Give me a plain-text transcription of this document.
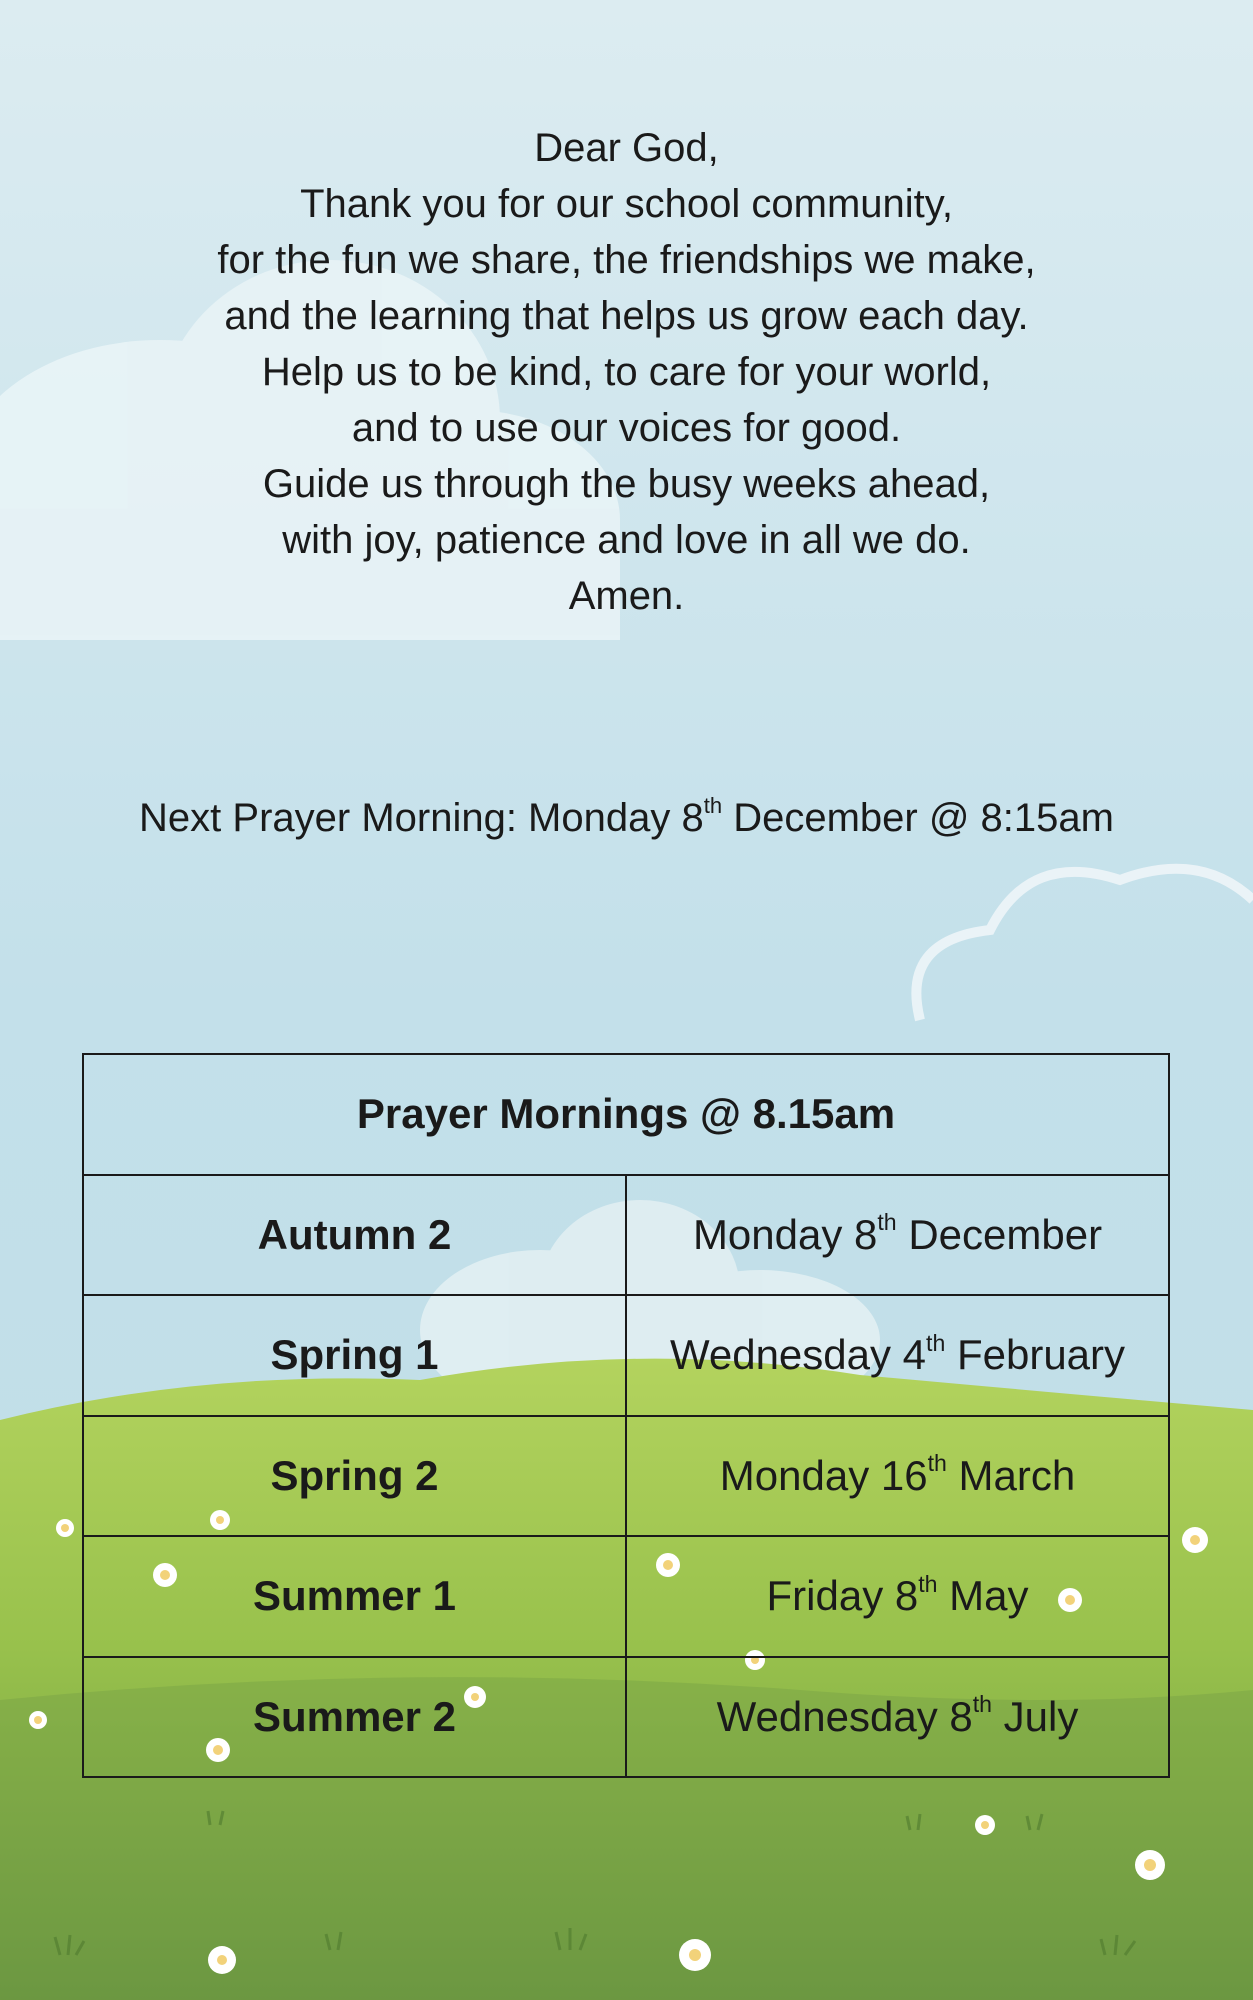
Dear God,
Thank you for our school community,
for the fun we share, the friendships we make,
and the learning that helps us grow each day.
Help us to be kind, to care for your world,
and to use our voices for good.
Guide us through the busy weeks ahead,
with joy, patience and love in all we do.
Amen.
Next Prayer Morning: Monday 8th December @ 8:15am
Prayer Mornings @ 8.15am	
Autumn 2	Monday 8th December
Spring 1	Wednesday 4th February
Spring 2	Monday 16th March
Summer 1	Friday 8th May
Summer 2	Wednesday 8th July
